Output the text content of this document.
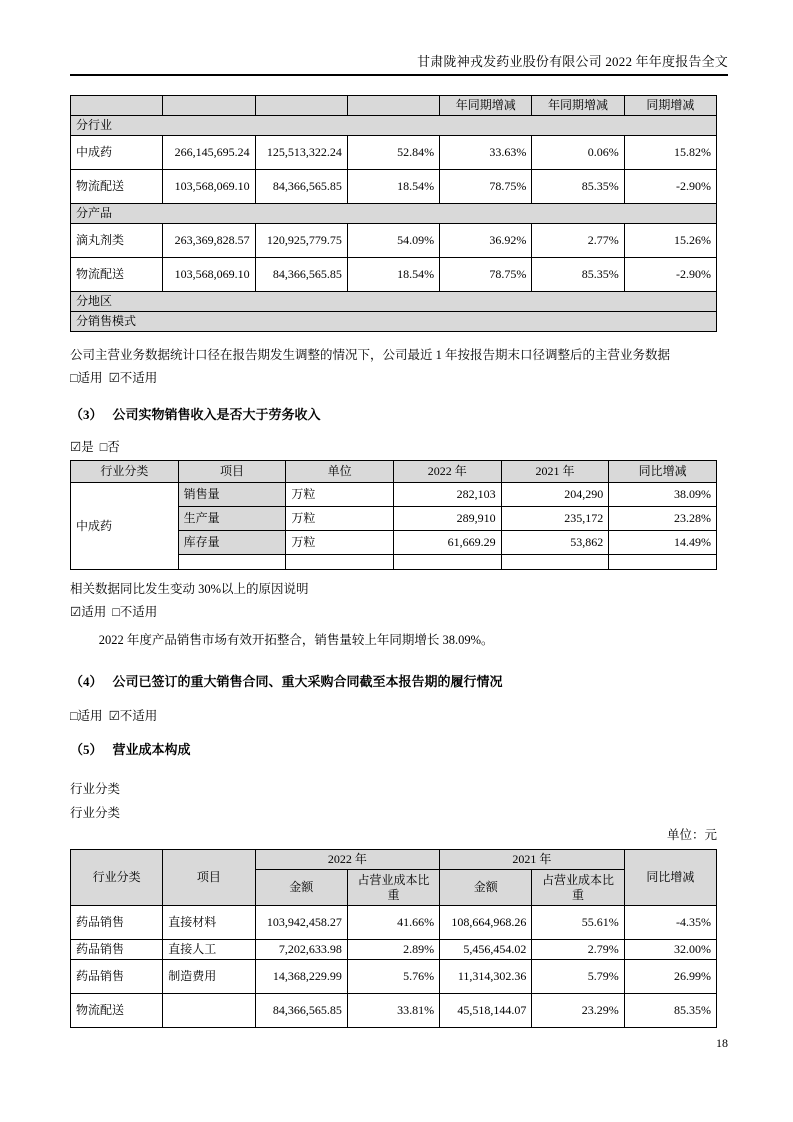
甘肃陇神戎发药业股份有限公司 2022 年年度报告全文
				年同期增减	年同期增减	同期增减
分行业						
中成药	266,145,695.24	125,513,322.24	52.84%	33.63%	0.06%	15.82%
物流配送	103,568,069.10	84,366,565.85	18.54%	78.75%	85.35%	-2.90%
分产品						
滴丸剂类	263,369,828.57	120,925,779.75	54.09%	36.92%	2.77%	15.26%
物流配送	103,568,069.10	84,366,565.85	18.54%	78.75%	85.35%	-2.90%
分地区						
分销售模式						

公司主营业务数据统计口径在报告期发生调整的情况下，公司最近 1 年按报告期末口径调整后的主营业务数据

□适用 ☑不适用

（3） 公司实物销售收入是否大于劳务收入

☑是 □否

行业分类	项目	单位	2022 年	2021 年	同比增减
中成药	销售量	万粒	282,103	204,290	38.09%
	生产量	万粒	289,910	235,172	23.28%
	库存量	万粒	61,669.29	53,862	14.49%

相关数据同比发生变动 30%以上的原因说明

☑适用 □不适用

2022 年度产品销售市场有效开拓整合，销售量较上年同期增长 38.09%。

（4） 公司已签订的重大销售合同、重大采购合同截至本报告期的履行情况

□适用 ☑不适用

（5） 营业成本构成

行业分类

行业分类

单位：元

行业分类	项目	2022 年		2021 年		同比增减
		金额	占营业成本比重	金额	占营业成本比重	
药品销售	直接材料	103,942,458.27	41.66%	108,664,968.26	55.61%	-4.35%
药品销售	直接人工	7,202,633.98	2.89%	5,456,454.02	2.79%	32.00%
药品销售	制造费用	14,368,229.99	5.76%	11,314,302.36	5.79%	26.99%
物流配送		84,366,565.85	33.81%	45,518,144.07	23.29%	85.35%
18
